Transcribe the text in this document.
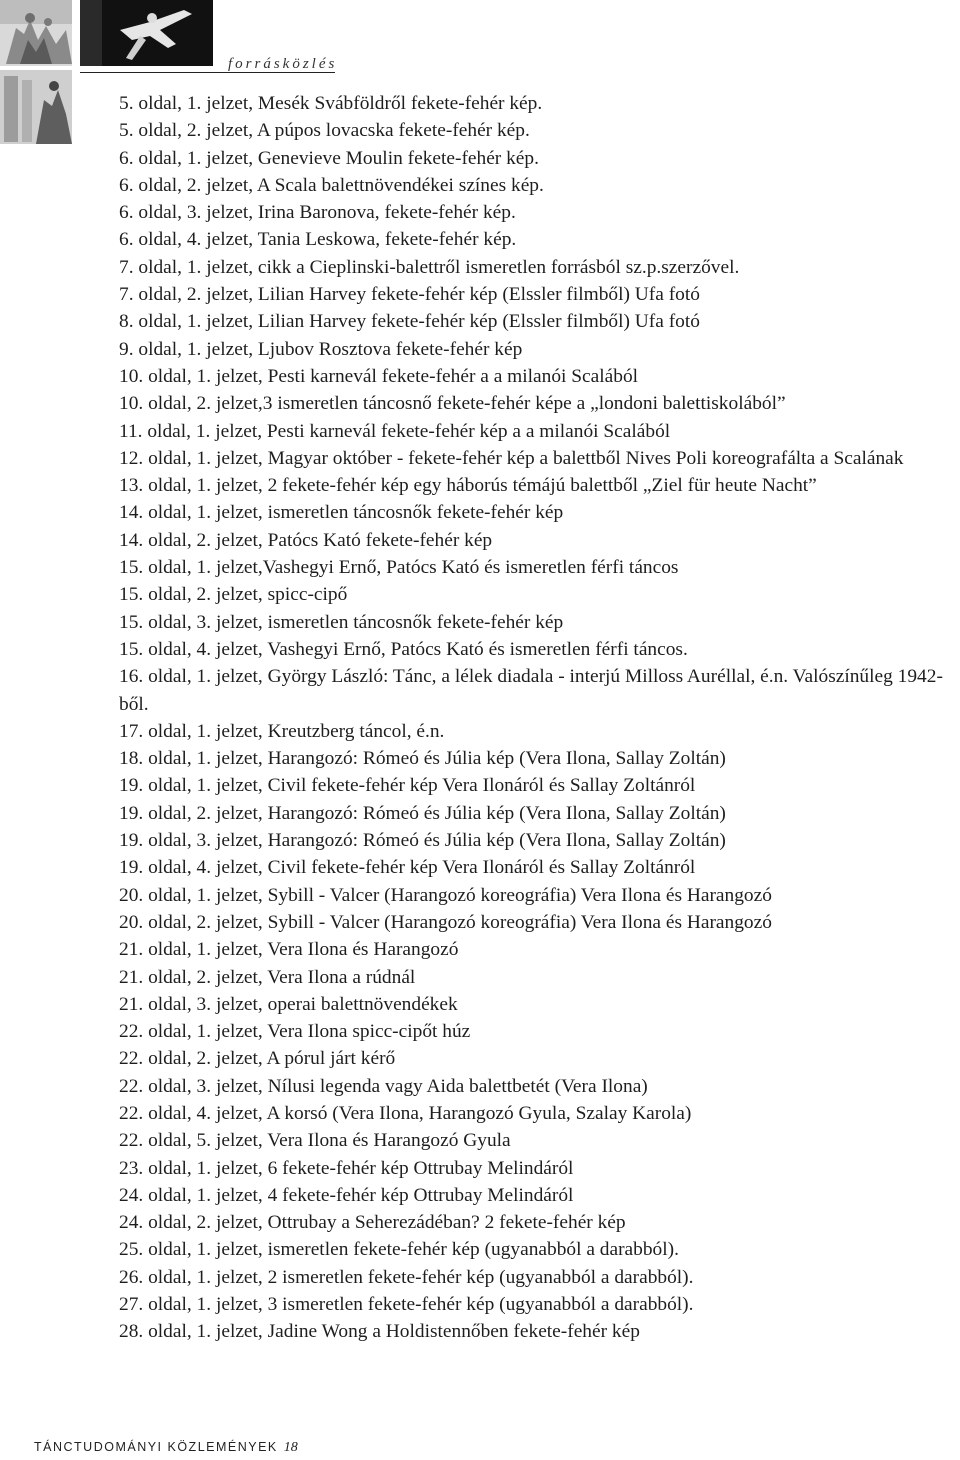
forrásközlés
5. oldal, 1. jelzet, Mesék Svábföldről fekete-fehér kép.
5. oldal, 2. jelzet, A púpos lovacska fekete-fehér kép.
6. oldal, 1. jelzet, Genevieve Moulin fekete-fehér kép.
6. oldal, 2. jelzet, A Scala balettnövendékei színes kép.
6. oldal, 3. jelzet, Irina Baronova, fekete-fehér kép.
6. oldal, 4. jelzet, Tania Leskowa, fekete-fehér kép.
7. oldal, 1. jelzet, cikk a Cieplinski-balettről ismeretlen forrásból sz.p.szerzővel.
7. oldal, 2. jelzet, Lilian Harvey fekete-fehér kép (Elssler filmből) Ufa fotó
8. oldal, 1. jelzet, Lilian Harvey fekete-fehér kép (Elssler filmből) Ufa fotó
9. oldal, 1. jelzet, Ljubov Rosztova fekete-fehér kép
10. oldal, 1. jelzet, Pesti karnevál fekete-fehér a a milanói Scalából
10. oldal, 2. jelzet,3 ismeretlen táncosnő fekete-fehér képe a „londoni balettiskolából”
11. oldal, 1. jelzet, Pesti karnevál fekete-fehér kép a a milanói Scalából
12. oldal, 1. jelzet, Magyar október - fekete-fehér kép a balettből Nives Poli koreografálta a Scalának
13. oldal, 1. jelzet, 2 fekete-fehér kép egy háborús témájú balettből „Ziel für heute Nacht”
14. oldal, 1. jelzet, ismeretlen táncosnők fekete-fehér kép
14. oldal, 2. jelzet, Patócs Kató fekete-fehér kép
15. oldal, 1. jelzet,Vashegyi Ernő, Patócs Kató és ismeretlen férfi táncos
15. oldal, 2. jelzet, spicc-cipő
15. oldal, 3. jelzet, ismeretlen táncosnők fekete-fehér kép
15. oldal, 4. jelzet, Vashegyi Ernő, Patócs Kató és ismeretlen férfi táncos.
16. oldal, 1. jelzet, György László: Tánc, a lélek diadala - interjú Milloss Auréllal, é.n. Valószínűleg 1942-ből.
17. oldal, 1. jelzet, Kreutzberg táncol, é.n.
18. oldal, 1. jelzet, Harangozó: Rómeó és Júlia kép (Vera Ilona, Sallay Zoltán)
19. oldal, 1. jelzet, Civil fekete-fehér kép Vera Ilonáról és Sallay Zoltánról
19. oldal, 2. jelzet, Harangozó: Rómeó és Júlia kép (Vera Ilona, Sallay Zoltán)
19. oldal, 3. jelzet, Harangozó: Rómeó és Júlia kép (Vera Ilona, Sallay Zoltán)
19. oldal, 4. jelzet, Civil fekete-fehér kép Vera Ilonáról és Sallay Zoltánról
20. oldal, 1. jelzet, Sybill - Valcer (Harangozó koreográfia) Vera Ilona és Harangozó
20. oldal, 2. jelzet, Sybill - Valcer (Harangozó koreográfia) Vera Ilona és Harangozó
21. oldal, 1. jelzet, Vera Ilona és Harangozó
21. oldal, 2. jelzet, Vera Ilona a rúdnál
21. oldal, 3. jelzet, operai balettnövendékek
22. oldal, 1. jelzet, Vera Ilona spicc-cipőt húz
22. oldal, 2. jelzet, A pórul járt kérő
22. oldal, 3. jelzet, Nílusi legenda vagy Aida balettbetét (Vera Ilona)
22. oldal, 4. jelzet, A korsó (Vera Ilona, Harangozó Gyula, Szalay Karola)
22. oldal, 5. jelzet, Vera Ilona és Harangozó Gyula
23. oldal, 1. jelzet, 6 fekete-fehér kép Ottrubay Melindáról
24. oldal, 1. jelzet, 4 fekete-fehér kép Ottrubay Melindáról
24. oldal, 2. jelzet, Ottrubay a Seherezádéban? 2 fekete-fehér kép
25. oldal, 1. jelzet, ismeretlen fekete-fehér kép (ugyanabból a darabból).
26. oldal, 1. jelzet, 2 ismeretlen fekete-fehér kép (ugyanabból a darabból).
27. oldal, 1. jelzet, 3 ismeretlen fekete-fehér kép (ugyanabból a darabból).
28. oldal, 1. jelzet, Jadine Wong a Holdistennőben fekete-fehér kép
TÁNCTUDOMÁNYI KÖZLEMÉNYEK 18
